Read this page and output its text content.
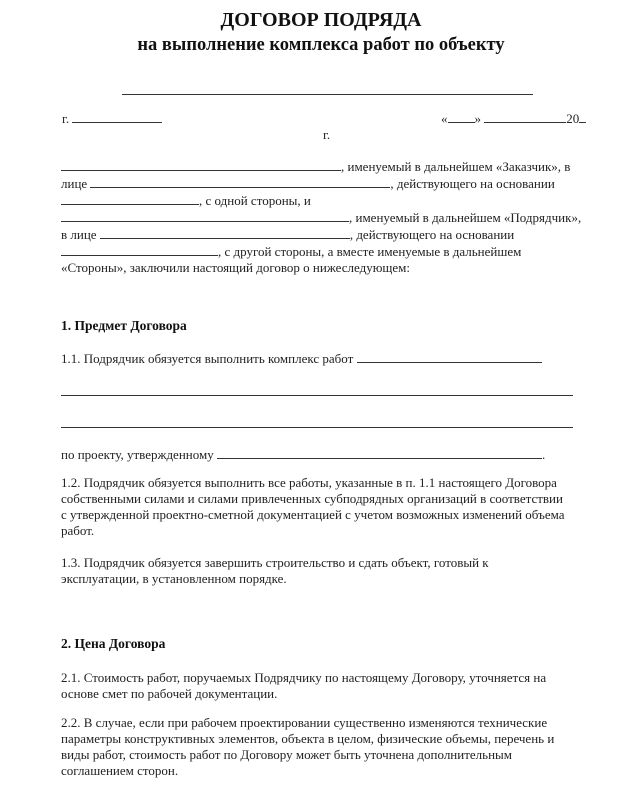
ДОГОВОР ПОДРЯДА
на выполнение комплекса работ по объекту
г.
г.
« »	20
, именуемый в дальнейшем «Заказчик», в
лице	, действующего на основании
, с одной стороны, и
, именуемый в дальнейшем «Подрядчик»,
в лице	, действующего на основании
, с другой стороны, а вместе именуемые в дальнейшем
«Стороны», заключили настоящий договор о нижеследующем:
1. Предмет Договора
1.1. Подрядчик обязуется выполнить комплекс работ
по проекту, утвержденному	.
1.2. Подрядчик обязуется выполнить все работы, указанные в п. 1.1 настоящего Договора
собственными силами и силами привлеченных субподрядных организаций в соответствии
с утвержденной проектно-сметной документацией с учетом возможных изменений объема
работ.
1.3. Подрядчик обязуется завершить строительство и сдать объект, готовый к
эксплуатации, в установленном порядке.
2. Цена Договора
2.1. Стоимость работ, поручаемых Подрядчику по настоящему Договору, уточняется на
основе смет по рабочей документации.
2.2. В случае, если при рабочем проектировании существенно изменяются технические
параметры конструктивных элементов, объекта в целом, физические объемы, перечень и
виды работ, стоимость работ по Договору может быть уточнена дополнительным
соглашением сторон.
